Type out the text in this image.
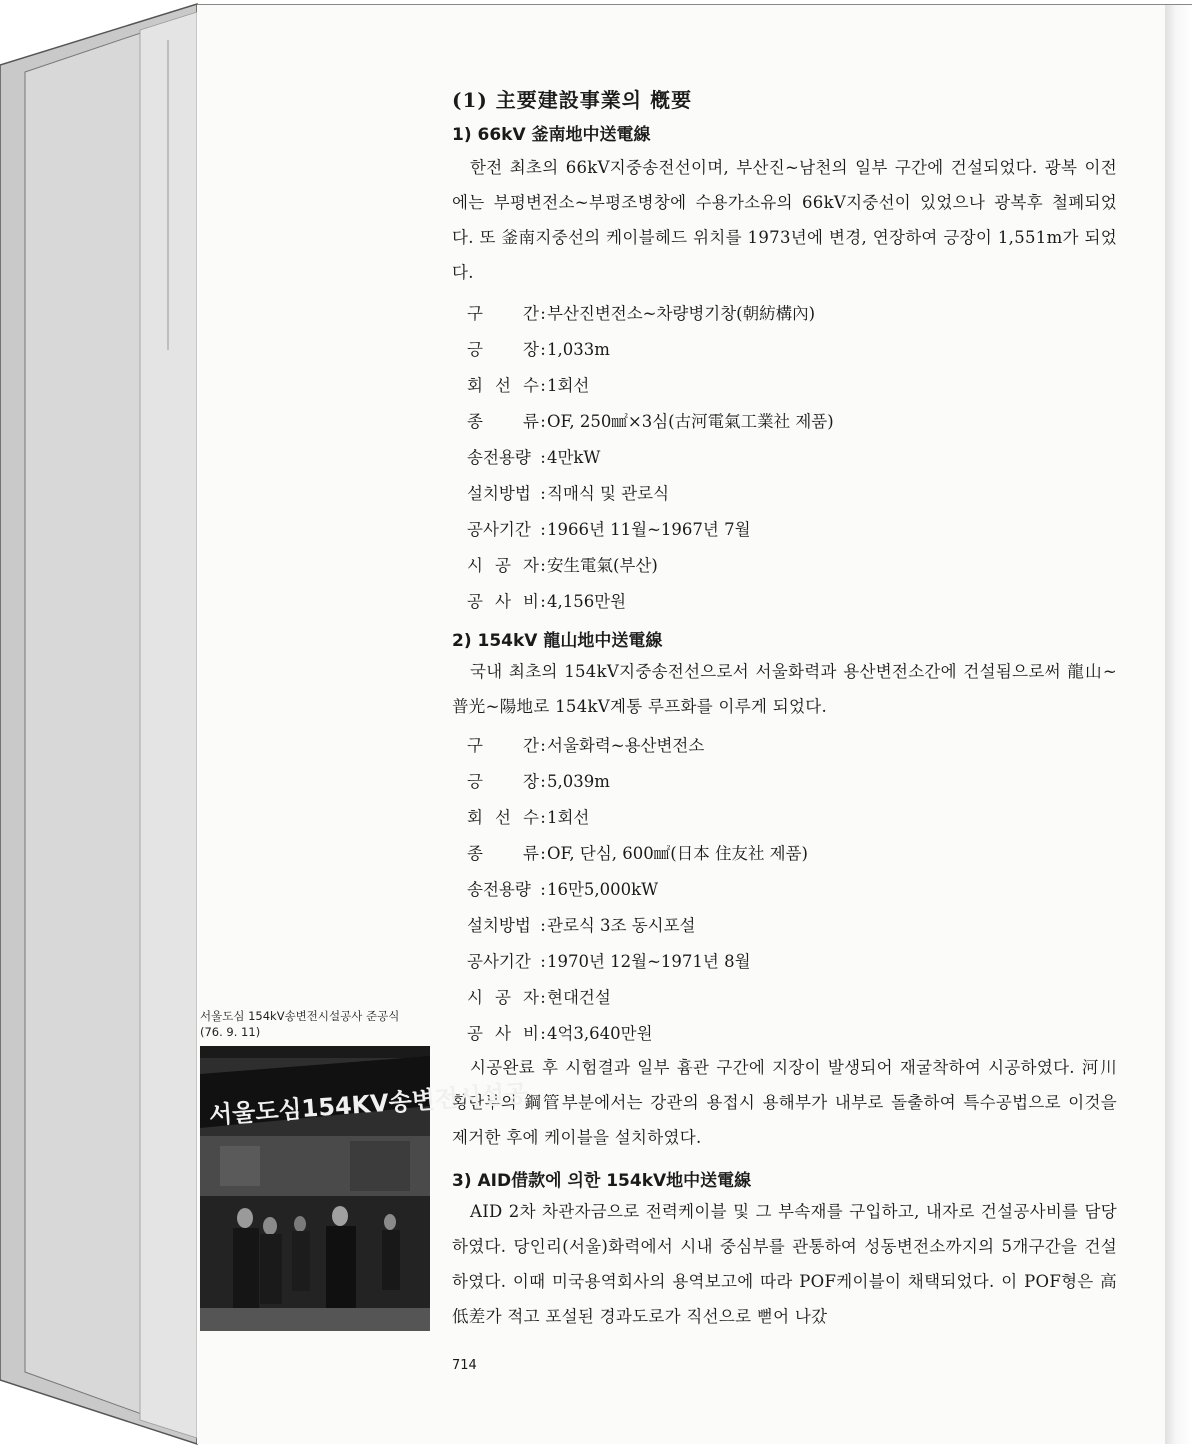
(1) 主要建設事業의 槪要
1) 66kV 釜南地中送電線
한전 최초의 66kV지중송전선이며, 부산진~남천의 일부 구간에 건설되었다. 광복 이전에는 부평변전소~부평조병창에 수용가소유의 66kV지중선이 있었으나 광복후 철폐되었다. 또 釜南지중선의 케이블헤드 위치를 1973년에 변경, 연장하여 긍장이 1,551m가 되었다.
구 간:부산진변전소~차량병기창(朝紡構內)
긍 장:1,033m
회 선 수:1회선
종 류:OF, 250㎟×3심(古河電氣工業社 제품)
송전용량 :4만kW
설치방법 :직매식 및 관로식
공사기간 :1966년 11월~1967년 7월
시 공 자:安生電氣(부산)
공 사 비:4,156만원
2) 154kV 龍山地中送電線
국내 최초의 154kV지중송전선으로서 서울화력과 용산변전소간에 건설됨으로써 龍山~普光~陽地로 154kV계통 루프화를 이루게 되었다.
구 간:서울화력~용산변전소
긍 장:5,039m
회 선 수:1회선
종 류:OF, 단심, 600㎟(日本 住友社 제품)
송전용량 :16만5,000kW
설치방법 :관로식 3조 동시포설
공사기간 :1970년 12월~1971년 8월
시 공 자:현대건설
공 사 비:4억3,640만원
시공완료 후 시험결과 일부 흄관 구간에 지장이 발생되어 재굴착하여 시공하였다. 河川 횡단부의 鋼管부분에서는 강관의 용접시 용해부가 내부로 돌출하여 특수공법으로 이것을 제거한 후에 케이블을 설치하였다.
3) AID借款에 의한 154kV地中送電線
AID 2차 차관자금으로 전력케이블 및 그 부속재를 구입하고, 내자로 건설공사비를 담당하였다. 당인리(서울)화력에서 시내 중심부를 관통하여 성동변전소까지의 5개구간을 건설하였다. 이때 미국용역회사의 용역보고에 따라 POF케이블이 채택되었다. 이 POF형은 高低差가 적고 포설된 경과도로가 직선으로 뻗어 나갔
서울도심 154kV송변전시설공사 준공식
(76. 9. 11)
서울도심154KV송변전시설공
714
